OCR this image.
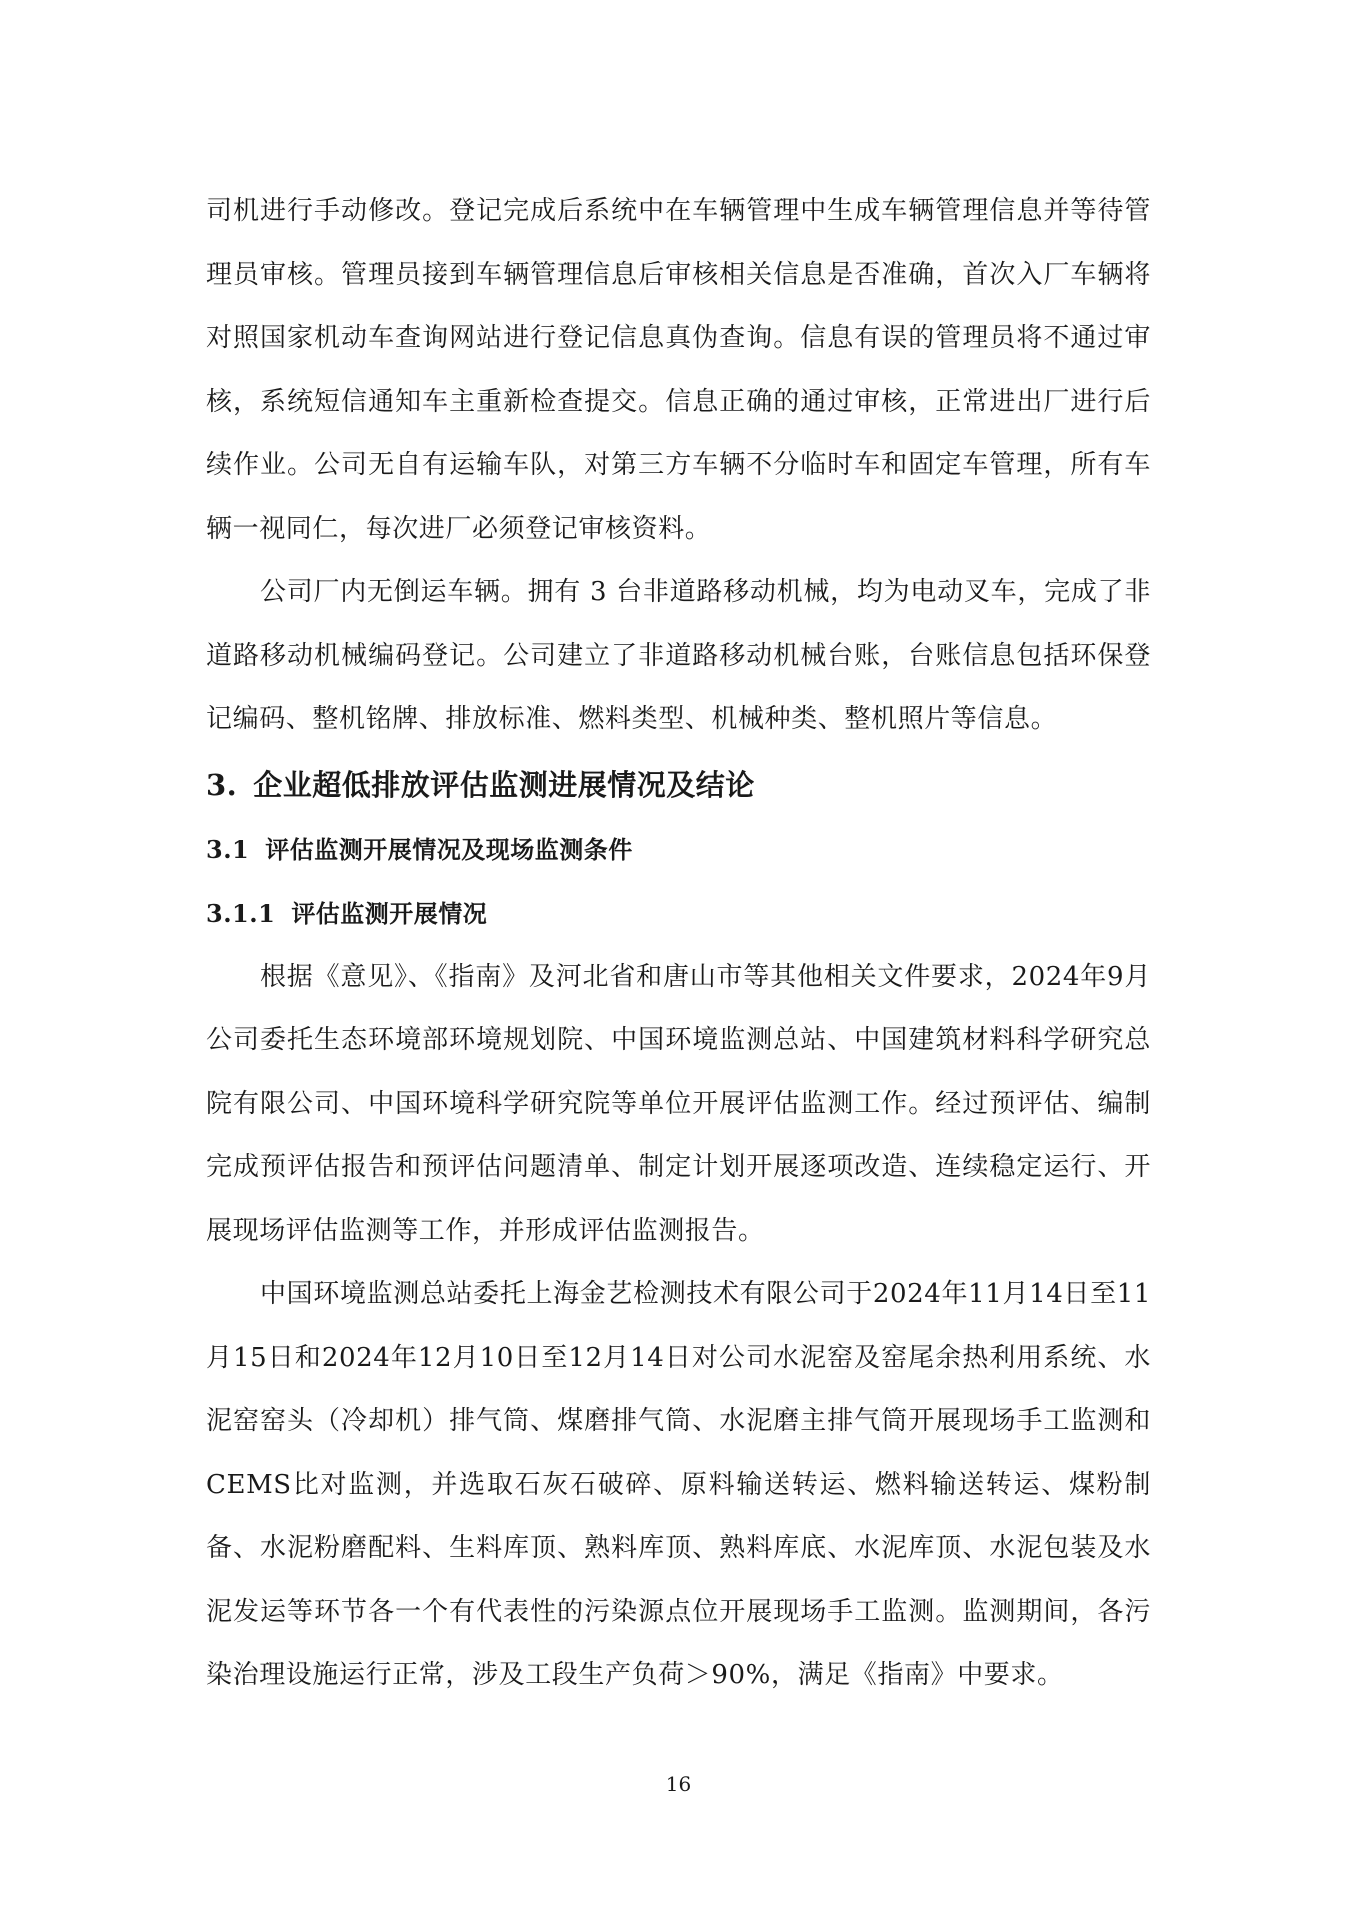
司机进行手动修改。登记完成后系统中在车辆管理中生成车辆管理信息并等待管理员审核。管理员接到车辆管理信息后审核相关信息是否准确，首次入厂车辆将对照国家机动车查询网站进行登记信息真伪查询。信息有误的管理员将不通过审核，系统短信通知车主重新检查提交。信息正确的通过审核，正常进出厂进行后续作业。公司无自有运输车队，对第三方车辆不分临时车和固定车管理，所有车辆一视同仁，每次进厂必须登记审核资料。

公司厂内无倒运车辆。拥有 3 台非道路移动机械，均为电动叉车，完成了非道路移动机械编码登记。公司建立了非道路移动机械台账，台账信息包括环保登记编码、整机铭牌、排放标准、燃料类型、机械种类、整机照片等信息。

3. 企业超低排放评估监测进展情况及结论
3.1 评估监测开展情况及现场监测条件
3.1.1 评估监测开展情况

根据《意见》、《指南》及河北省和唐山市等其他相关文件要求，2024年9月公司委托生态环境部环境规划院、中国环境监测总站、中国建筑材料科学研究总院有限公司、中国环境科学研究院等单位开展评估监测工作。经过预评估、编制完成预评估报告和预评估问题清单、制定计划开展逐项改造、连续稳定运行、开展现场评估监测等工作，并形成评估监测报告。

中国环境监测总站委托上海金艺检测技术有限公司于2024年11月14日至11月15日和2024年12月10日至12月14日对公司水泥窑及窑尾余热利用系统、水泥窑窑头（冷却机）排气筒、煤磨排气筒、水泥磨主排气筒开展现场手工监测和CEMS比对监测，并选取石灰石破碎、原料输送转运、燃料输送转运、煤粉制备、水泥粉磨配料、生料库顶、熟料库顶、熟料库底、水泥库顶、水泥包装及水泥发运等环节各一个有代表性的污染源点位开展现场手工监测。监测期间，各污染治理设施运行正常，涉及工段生产负荷＞90%，满足《指南》中要求。

16
